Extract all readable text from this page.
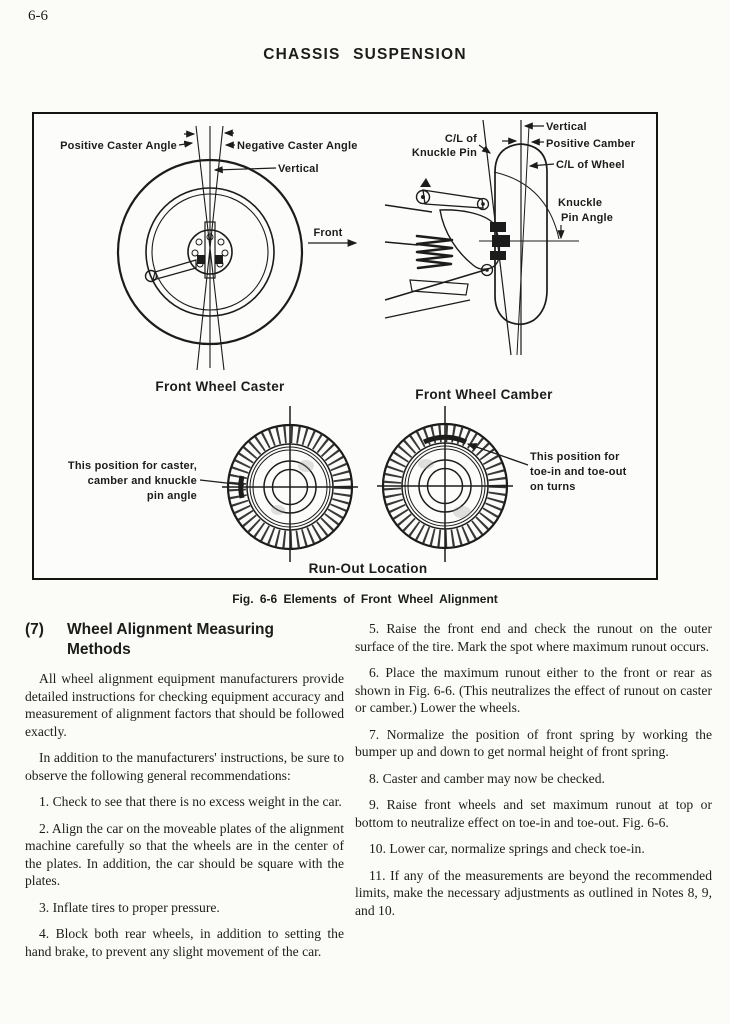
6-6
CHASSIS SUSPENSION
Positive Caster Angle	Negative Caster Angle
Vertical
Front
Front Wheel Caster
Vertical
Positive Camber
C/L of Wheel
C/L of
Knuckle Pin
Knuckle
Pin Angle
Front Wheel Camber
This position for caster,
camber and knuckle
pin angle
This position for
toe-in and toe-out
on turns
Run-Out Location
Fig. 6-6 Elements of Front Wheel Alignment
(7)	Wheel Alignment Measuring
Methods

All wheel alignment equipment manufacturers provide detailed instructions for checking equipment accuracy and measurement of alignment factors that should be followed exactly.

In addition to the manufacturers' instructions, be sure to observe the following general recommendations:

1. Check to see that there is no excess weight in the car.

2. Align the car on the moveable plates of the alignment machine carefully so that the wheels are in the center of the plates. In addition, the car should be square with the plates.

3. Inflate tires to proper pressure.

4. Block both rear wheels, in addition to setting the hand brake, to prevent any slight movement of the car.

5. Raise the front end and check the runout on the outer surface of the tire. Mark the spot where maximum runout occurs.

6. Place the maximum runout either to the front or rear as shown in Fig. 6-6. (This neutralizes the effect of runout on caster or camber.) Lower the wheels.

7. Normalize the position of front spring by working the bumper up and down to get normal height of front spring.

8. Caster and camber may now be checked.

9. Raise front wheels and set maximum runout at top or bottom to neutralize effect on toe-in and toe-out. Fig. 6-6.

10. Lower car, normalize springs and check toe-in.

11. If any of the measurements are beyond the recommended limits, make the necessary adjustments as outlined in Notes 8, 9, and 10.
